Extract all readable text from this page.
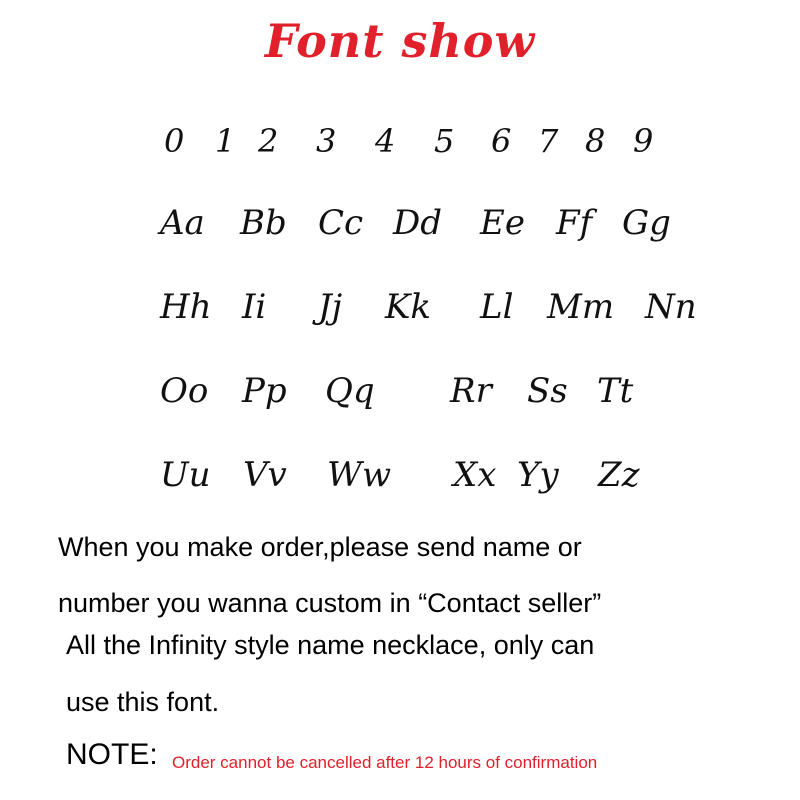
Font show
0 1 2 3 4 5 6 7 8 9
Aa Bb Cc Dd Ee Ff Gg
Hh Ii Jj Kk Ll Mm Nn
Oo Pp Qq Rr Ss Tt
Uu Vv Ww Xx Yy Zz
When you make order,please send name or
number you wanna custom in “Contact seller”
All the Infinity style name necklace, only can
use this font.
NOTE: Order cannot be cancelled after 12 hours of confirmation
